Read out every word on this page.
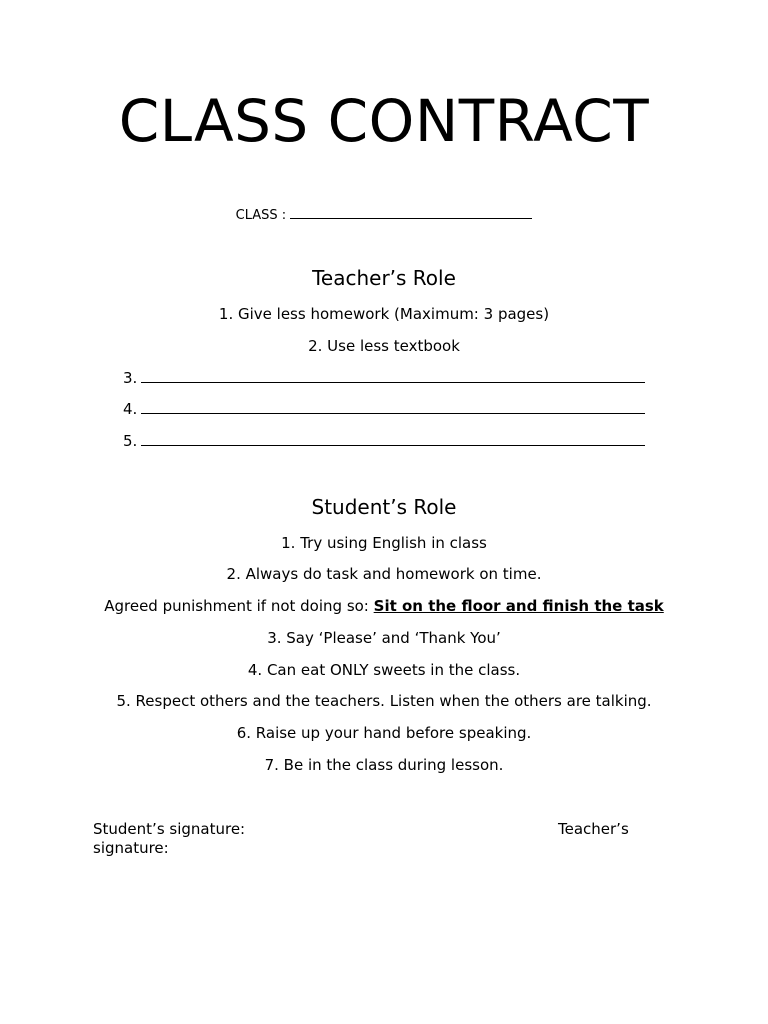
CLASS CONTRACT
CLASS :
Teacher’s Role
1. Give less homework (Maximum: 3 pages)
2. Use less textbook
3.
4.
5.
Student’s Role
1. Try using English in class
2. Always do task and homework on time.
Agreed punishment if not doing so: Sit on the floor and finish the task
3. Say ‘Please’ and ‘Thank You’
4. Can eat ONLY sweets in the class.
5. Respect others and the teachers. Listen when the others are talking.
6. Raise up your hand before speaking.
7. Be in the class during lesson.
Student’s signature:	Teacher’s
signature:
